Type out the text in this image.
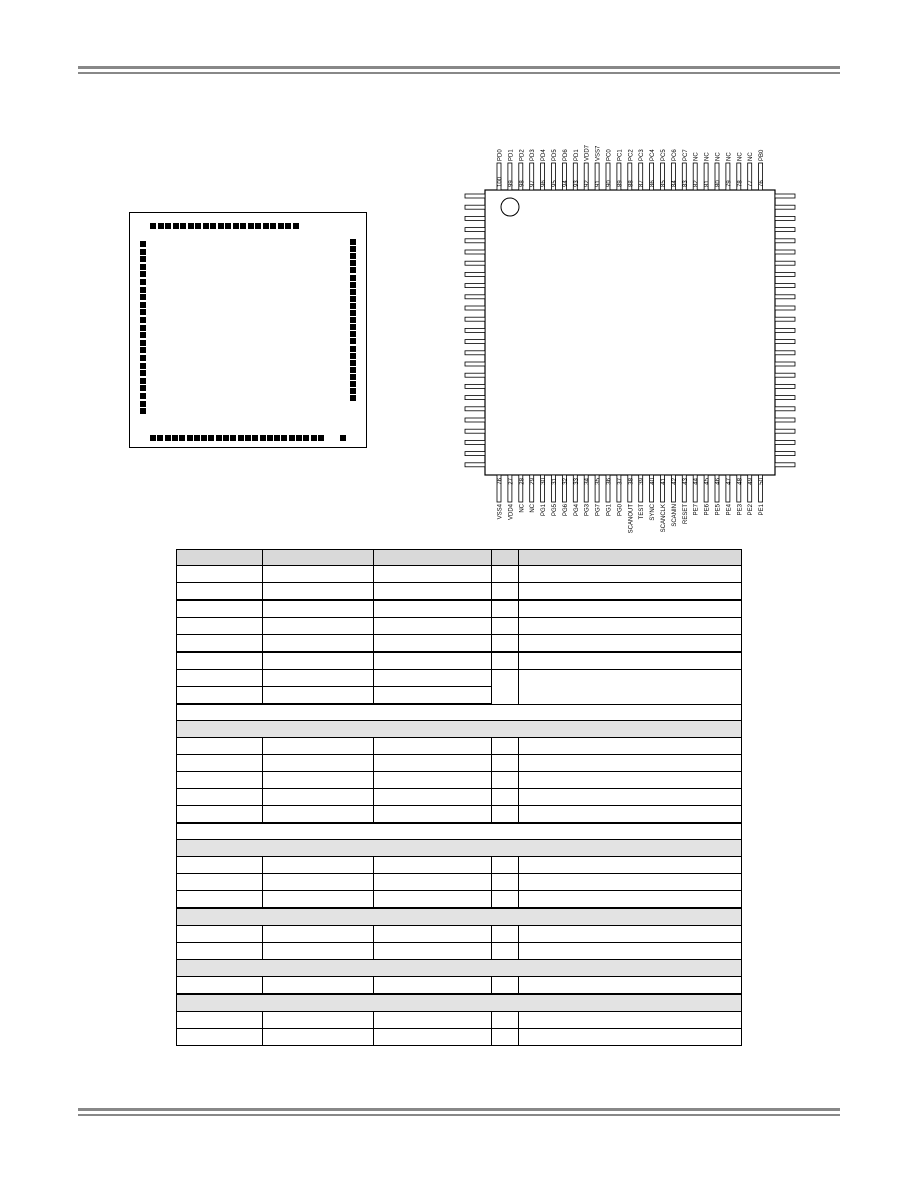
100
PD0
99
PD1
98
PD2
97
PD3
96
PD4
95
PD5
94
PD6
93
PD1
92
VDD7
91
VSS7
90
PC0
89
PC1
88
PC2
87
PC3
86
PC4
85
PC5
84
PC6
83
PC7
82
NC
81
NC
80
NC
79
NC
78
NC
77
NC
76
PB0
76
VSS4
27
VDD4
28
NC
29
NC
30
PG1
31
PG5
32
PG6
33
PG4
34
PG3
35
PG7
36
PG1
37
PG0
38
SCANOUT
39
TEST
40
SYNC
41
SCANCLK
42
SCANIN
43
RESET
44
PE7
45
PE6
46
PE5
47
PE4
48
PE3
49
PE2
50
PE1
